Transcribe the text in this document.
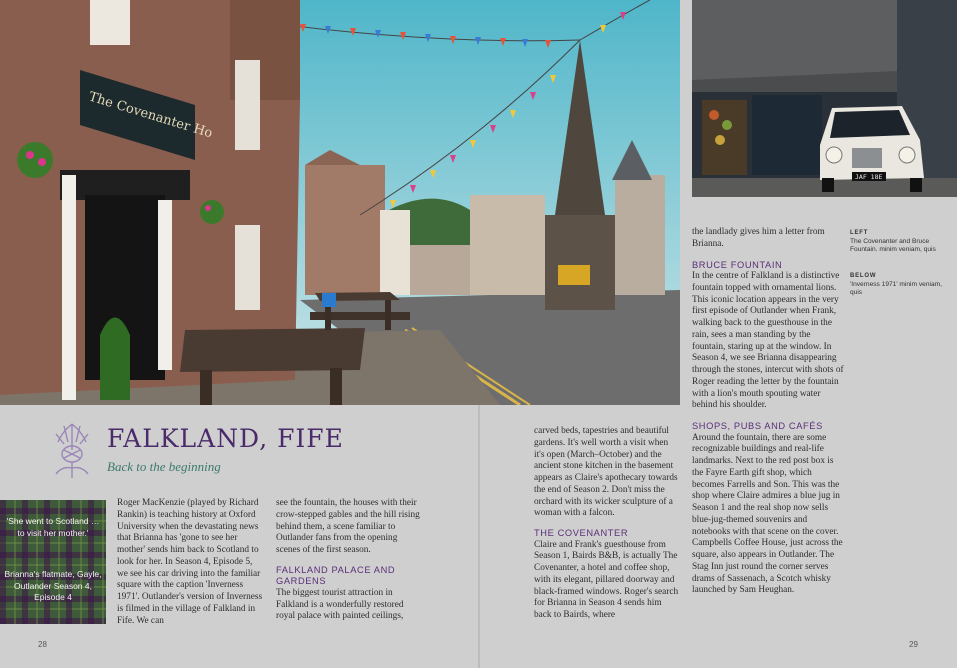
The Covenanter Ho
JAF 18E
FALKLAND, FIFE
Back to the beginning

'She went to Scotland … to visit her mother.'

Brianna's flatmate, Gayle, Outlander Season 4, Episode 4

Roger MacKenzie (played by Richard Rankin) is teaching history at Oxford University when the devastating news that Brianna has 'gone to see her mother' sends him back to Scotland to look for her. In Season 4, Episode 5, we see his car driving into the familiar square with the caption 'Inverness 1971'. Outlander's version of Inverness is filmed in the village of Falkland in Fife. We can

see the fountain, the houses with their crow-stepped gables and the hill rising behind them, a scene familiar to Outlander fans from the opening scenes of the first season.

FALKLAND PALACE AND GARDENS

The biggest tourist attraction in Falkland is a wonderfully restored royal palace with painted ceilings,

carved beds, tapestries and beautiful gardens. It's well worth a visit when it's open (March–October) and the ancient stone kitchen in the basement appears as Claire's apothecary towards the end of Season 2. Don't miss the orchard with its wicker sculpture of a woman with a falcon.

THE COVENANTER

Claire and Frank's guesthouse from Season 1, Bairds B&B, is actually The Covenanter, a hotel and coffee shop, with its elegant, pillared doorway and black-framed windows. Roger's search for Brianna in Season 4 sends him back to Bairds, where

the landlady gives him a letter from Brianna.

BRUCE FOUNTAIN

In the centre of Falkland is a distinctive fountain topped with ornamental lions. This iconic location appears in the very first episode of Outlander when Frank, walking back to the guesthouse in the rain, sees a man standing by the fountain, staring up at the window. In Season 4, we see Brianna disappearing through the stones, intercut with shots of Roger reading the letter by the fountain with a lion's mouth spouting water behind his shoulder.

SHOPS, PUBS AND CAFÉS

Around the fountain, there are some recognizable buildings and real-life landmarks. Next to the red post box is the Fayre Earth gift shop, which becomes Farrells and Son. This was the shop where Claire admires a blue jug in Season 1 and the real shop now sells blue-jug-themed souvenirs and notebooks with that scene on the cover. Campbells Coffee House, just across the square, also appears in Outlander. The Stag Inn just round the corner serves drams of Sassenach, a Scotch whisky launched by Sam Heughan.

LEFT
The Covenanter and Bruce Fountain. minim veniam, quis
BELOW
'Inverness 1971' minim veniam, quis
28	29
